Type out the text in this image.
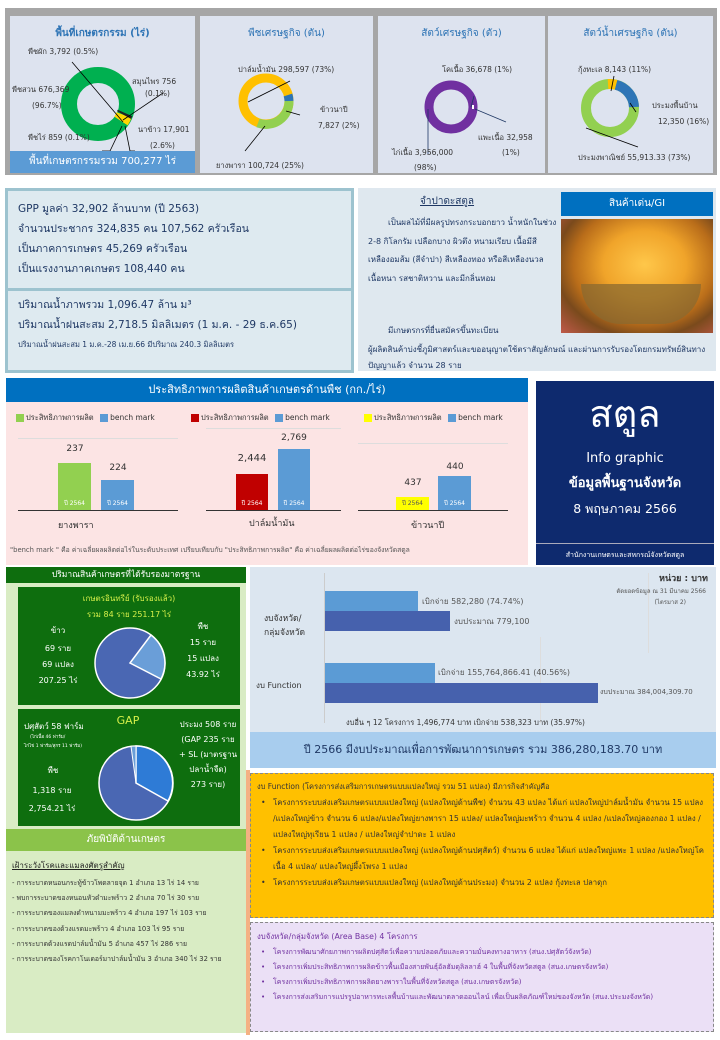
พื้นที่เกษตรกรรม (ไร่)
พืชผัก 3,792 (0.5%)
สมุนไพร 756
(0.1%)
พืชสวน 676,369
(96.7%)
นาข้าว 17,901
(2.6%)
พืชไร่ 859 (0.1%)
พื้นที่เกษตรกรรมรวม 700,277 ไร่
พืชเศรษฐกิจ (ตัน)
ปาล์มน้ำมัน 298,597 (73%)
ข้าวนาปี
7,827 (2%)
ยางพารา 100,724 (25%)
สัตว์เศรษฐกิจ (ตัว)
โคเนื้อ 36,678 (1%)
แพะเนื้อ 32,958
(1%)
ไก่เนื้อ 3,956,000
(98%)
สัตว์น้ำเศรษฐกิจ (ตัน)
กุ้งทะเล 8,143 (11%)
ประมงพื้นบ้าน
12,350 (16%)
ประมงพาณิชย์ 55,913.33 (73%)
GPP มูลค่า 32,902 ล้านบาท (ปี 2563)
จำนวนประชากร 324,835 คน 107,562 ครัวเรือน
เป็นภาคการเกษตร 45,269 ครัวเรือน
เป็นแรงงานภาคเกษตร 108,440 คน
ปริมาณน้ำภาพรวม 1,096.47 ล้าน ม³
ปริมาณน้ำฝนสะสม 2,718.5 มิลลิเมตร (1 ม.ค. - 29 ธ.ค.65)
ปริมาณน้ำฝนสะสม 1 ม.ค.-28 เม.ย.66 มีปริมาณ 240.3 มิลลิเมตร
จำปาดะสตูล
เป็นผลไม้ที่มีผลรูปทรงกระบอกยาว น้ำหนักในช่วง 2-8 กิโลกรัม เปลือกบาง ผิวตึง หนามเรียบ เนื้อมีสีเหลืองอมส้ม (สีจำปา) สีเหลืองทอง หรือสีเหลืองนวล เนื้อหนา รสชาติหวาน และมีกลิ่นหอม
มีเกษตรกรที่ยื่นสมัครขึ้นทะเบียน
ผู้ผลิตสินค้าบ่งชี้ภูมิศาสตร์และขออนุญาตใช้ตราสัญลักษณ์ และผ่านการรับรองโดยกรมทรัพย์สินทางปัญญาแล้ว จำนวน 28 ราย
สินค้าเด่น/GI
ประสิทธิภาพการผลิตสินค้าเกษตรด้านพืช (กก./ไร่)
ประสิทธิภาพการผลิต bench mark
ปี 2564	ปี 2564
237
224
ยางพารา
ประสิทธิภาพการผลิต bench mark
ปี 2564	ปี 2564
2,444
2,769
ปาล์มน้ำมัน
ประสิทธิภาพการผลิต bench mark
ปี 2564	ปี 2564
437
440
ข้าวนาปี
"bench mark " คือ ค่าเฉลี่ยผลผลิตต่อไร่ในระดับประเทศ เปรียบเทียบกับ "ประสิทธิภาพการผลิต" คือ ค่าเฉลี่ยผลผลิตต่อไร่ของจังหวัดสตูล
สตูล
Info graphic
ข้อมูลพื้นฐานจังหวัด
8 พฤษภาคม 2566
สำนักงานเกษตรและสหกรณ์จังหวัดสตูล
ปริมาณสินค้าเกษตรที่ได้รับรองมาตรฐาน
เกษตรอินทรีย์ (รับรองแล้ว)
รวม 84 ราย 251.17 ไร่
ข้าว
69 ราย
69 แปลง
207.25 ไร่
พืช
15 ราย
15 แปลง
43.92 ไร่
GAP
ปศุสัตว์ 58 ฟาร์ม
(ไก่เนื้อ 46 ฟาร์ม/
ไก่ไข่ 1 ฟาร์ม/สุกร 11 ฟาร์ม)
ประมง 508 ราย
(GAP 235 ราย
+ SL (มาตรฐาน
ปลาน้ำจืด)
273 ราย)
พืช
1,318 ราย
2,754.21 ไร่
ภัยพิบัติด้านเกษตร
เฝ้าระวังโรคและแมลงศัตรูสำคัญ
- การระบาดหนอนกระทู้ข้าวโพดลายจุด 1 อำเภอ 13 ไร่ 14 ราย
- พบการระบาดของหนอนหัวดำมะพร้าว 2 อำเภอ 70 ไร่ 30 ราย
- การระบาดของแมลงดำหนามมะพร้าว 4 อำเภอ 197 ไร่ 103 ราย
- การระบาดของด้วงแรดมะพร้าว 4 อำเภอ 103 ไร่ 95 ราย
- การระบาดด้วงแรดปาล์มน้ำมัน 5 อำเภอ 457 ไร่ 286 ราย
- การระบาดของโรคกาโนเดอร์มาปาล์มน้ำมัน 3 อำเภอ 340 ไร่ 32 ราย
หน่วย : บาท
ตัดยอดข้อมูล ณ 31 มีนาคม 2566
(ไตรมาส 2)
งบจังหวัด/
กลุ่มจังหวัด
เบิกจ่าย 582,280 (74.74%)
งบประมาณ 779,100
งบ Function
เบิกจ่าย 155,764,866.41 (40.56%)
งบประมาณ 384,004,309.70
งบอื่น ๆ 12 โครงการ 1,496,774 บาท เบิกจ่าย 538,323 บาท (35.97%)
ปี 2566 มีงบประมาณเพื่อการพัฒนาการเกษตร รวม 386,280,183.70 บาท
งบ Function (โครงการส่งเสริมการเกษตรแบบแปลงใหญ่ รวม 51 แปลง) มีภารกิจสำคัญคือ
• โครงการระบบส่งเสริมเกษตรแบบแปลงใหญ่ (แปลงใหญ่ด้านพืช) จำนวน 43 แปลง ได้แก่ แปลงใหญ่ปาล์มน้ำมัน จำนวน 15 แปลง /แปลงใหญ่ข้าว จำนวน 6 แปลง/แปลงใหญ่ยางพารา 15 แปลง/ แปลงใหญ่มะพร้าว จำนวน 4 แปลง /แปลงใหญ่ลองกอง 1 แปลง /แปลงใหญ่ทุเรียน 1 แปลง / แปลงใหญ่จำปาดะ 1 แปลง
• โครงการระบบส่งเสริมเกษตรแบบแปลงใหญ่ (แปลงใหญ่ด้านปศุสัตว์) จำนวน 6 แปลง ได้แก่ แปลงใหญ่แพะ 1 แปลง /แปลงใหญ่โคเนื้อ 4 แปลง/ แปลงใหญ่ผึ้งโพรง 1 แปลง
• โครงการระบบส่งเสริมเกษตรแบบแปลงใหญ่ (แปลงใหญ่ด้านประมง) จำนวน 2 แปลง กุ้งทะเล ปลาดุก
งบจังหวัด/กลุ่มจังหวัด (Area Base) 4 โครงการ
• โครงการพัฒนาศักยภาพการผลิตปศุสัตว์เพื่อความปลอดภัยและความมั่นคงทางอาหาร (สนง.ปศุสัตว์จังหวัด)
• โครงการเพิ่มประสิทธิภาพการผลิตข้าวพื้นเมืองสายพันธุ์อัลฮัมดุลิลลาฮ์ 4 ในพื้นที่จังหวัดสตูล (สนง.เกษตรจังหวัด)
• โครงการเพิ่มประสิทธิภาพการผลิตยางพาราในพื้นที่จังหวัดสตูล (สนง.เกษตรจังหวัด)
• โครงการส่งเสริมการแปรรูปอาหารทะเลพื้นบ้านและพัฒนาตลาดออนไลน์ เพื่อเป็นผลิตภัณฑ์ใหม่ของจังหวัด (สนง.ประมงจังหวัด)
